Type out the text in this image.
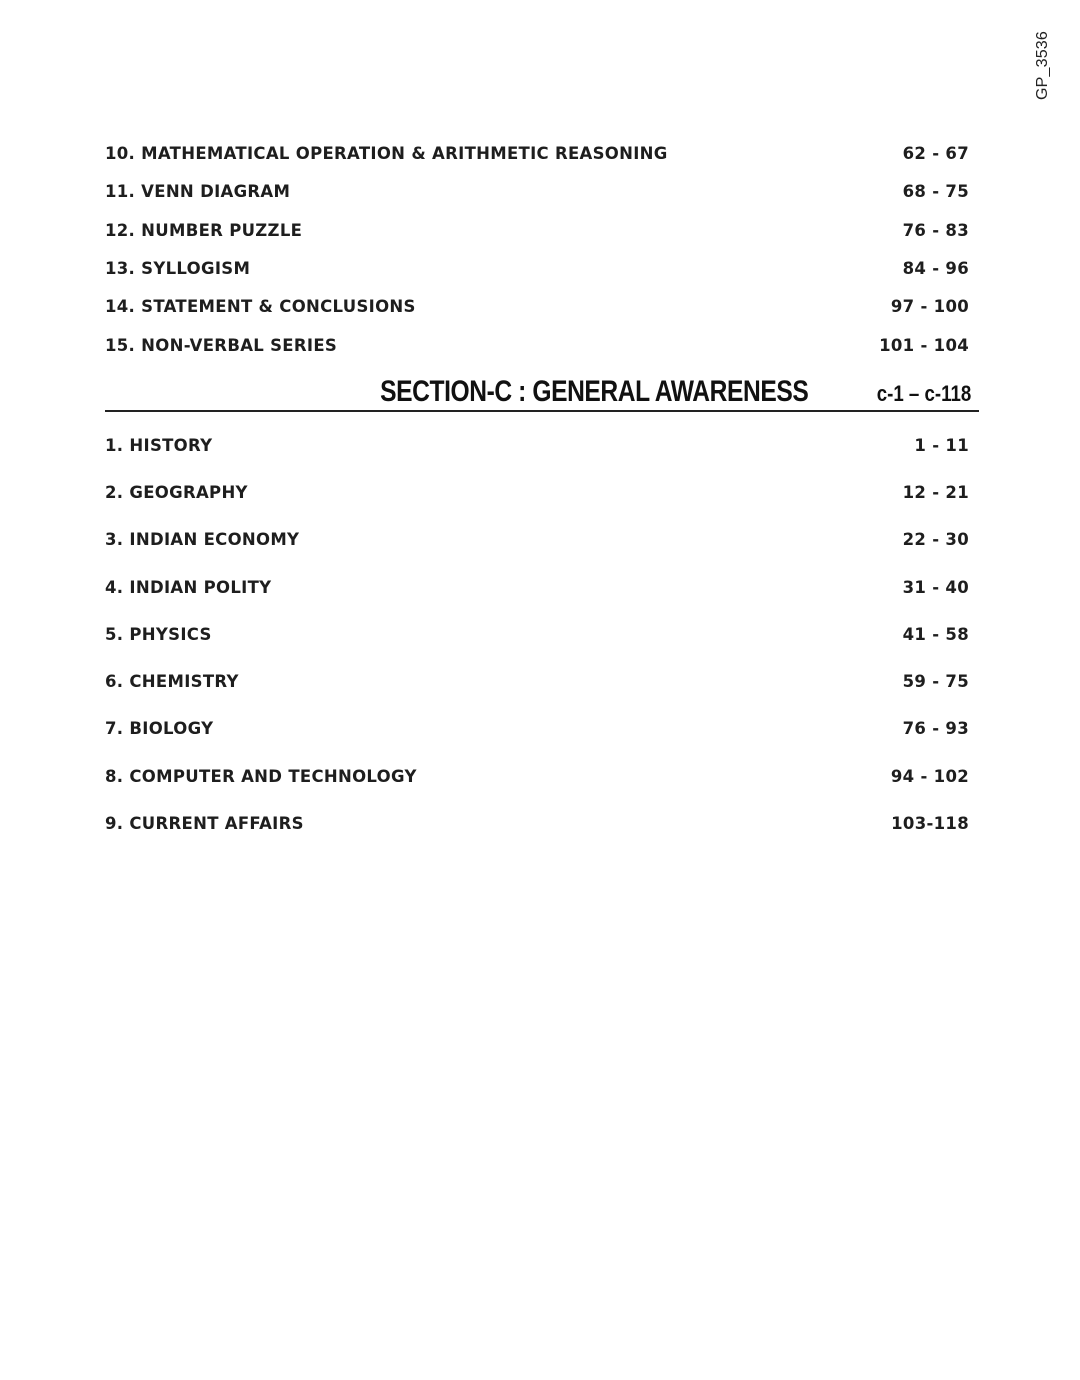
GP_3536
10. MATHEMATICAL OPERATION & ARITHMETIC REASONING	62 - 67
11. VENN DIAGRAM	68 - 75
12. NUMBER PUZZLE	76 - 83
13. SYLLOGISM	84 - 96
14. STATEMENT & CONCLUSIONS	97 - 100
15. NON-VERBAL SERIES	101 - 104
SECTION-C : GENERAL AWARENESS	c-1 – c-118
1. HISTORY	1 - 11
2. GEOGRAPHY	12 - 21
3. INDIAN ECONOMY	22 - 30
4. INDIAN POLITY	31 - 40
5. PHYSICS	41 - 58
6. CHEMISTRY	59 - 75
7. BIOLOGY	76 - 93
8. COMPUTER AND TECHNOLOGY	94 - 102
9. CURRENT AFFAIRS	103-118
